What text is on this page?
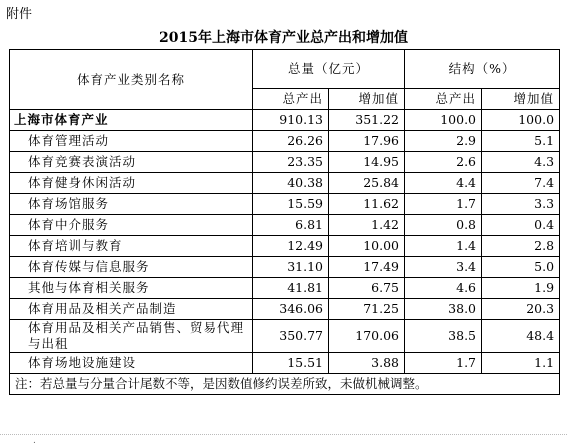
附件
2015年上海市体育产业总产出和增加值
体育产业类别名称	总量（亿元）		结构（%）	
	总产出	增加值	总产出	增加值
上海市体育产业	910.13	351.22	100.0	100.0
体育管理活动	26.26	17.96	2.9	5.1
体育竞赛表演活动	23.35	14.95	2.6	4.3
体育健身休闲活动	40.38	25.84	4.4	7.4
体育场馆服务	15.59	11.62	1.7	3.3
体育中介服务	6.81	1.42	0.8	0.4
体育培训与教育	12.49	10.00	1.4	2.8
体育传媒与信息服务	31.10	17.49	3.4	5.0
其他与体育相关服务	41.81	6.75	4.6	1.9
体育用品及相关产品制造	346.06	71.25	38.0	20.3
体育用品及相关产品销售、贸易代理与出租	350.77	170.06	38.5	48.4
体育场地设施建设	15.51	3.88	1.7	1.1
注：若总量与分量合计尾数不等，是因数值修约误差所致，未做机械调整。				
.
